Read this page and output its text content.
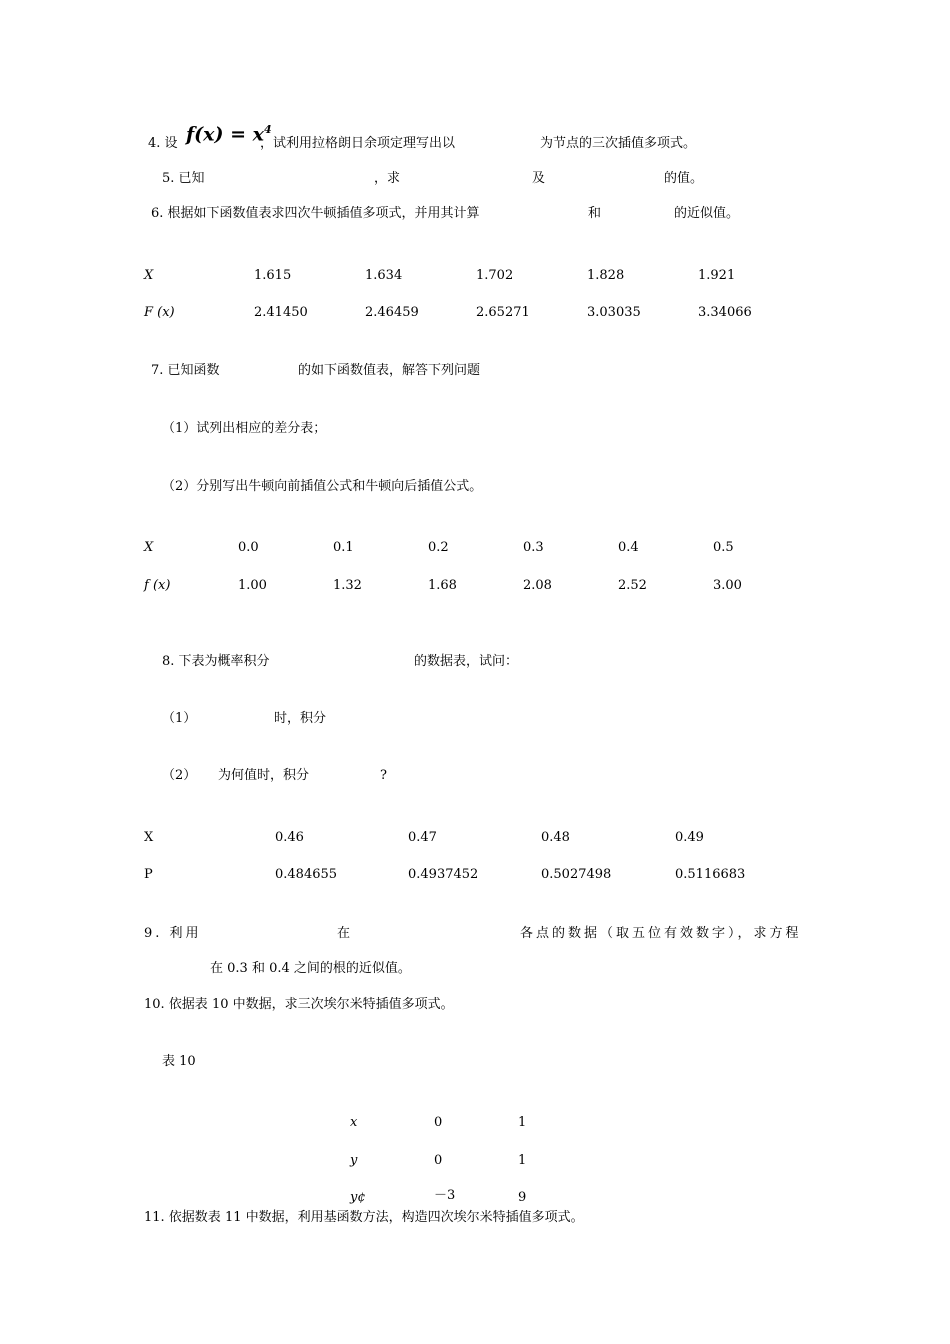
4. 设 $f(x) = x^4$
，试利用拉格朗日余项定理写出以	为节点的三次插值多项式。
5. 已知	，求	及	的值。
6. 根据如下函数值表求四次牛顿插值多项式，并用其计算	和	的近似值。
X	1.615	1.634	1.702	1.828	1.921
F (x)	2.41450	2.46459	2.65271	3.03035	3.34066
7. 已知函数	的如下函数值表，解答下列问题
（1）试列出相应的差分表；
（2）分别写出牛顿向前插值公式和牛顿向后插值公式。
X	0.0	0.1	0.2	0.3	0.4	0.5
f (x)	1.00	1.32	1.68	2.08	2.52	3.00
8. 下表为概率积分	的数据表，试问：
（1）	时，积分
（2） 为何值时，积分	?
X	0.46	0.47	0.48	0.49
P	0.484655	0.4937452	0.5027498	0.5116683
9. 利用	在	各点的数据（取五位有效数字），求方程
在 0.3 和 0.4 之间的根的近似值。
10. 依据表 10 中数据，求三次埃尔米特插值多项式。
表 10
x	0	1
y	0	1
y¢	－3	9
11. 依据数表 11 中数据，利用基函数方法，构造四次埃尔米特插值多项式。
